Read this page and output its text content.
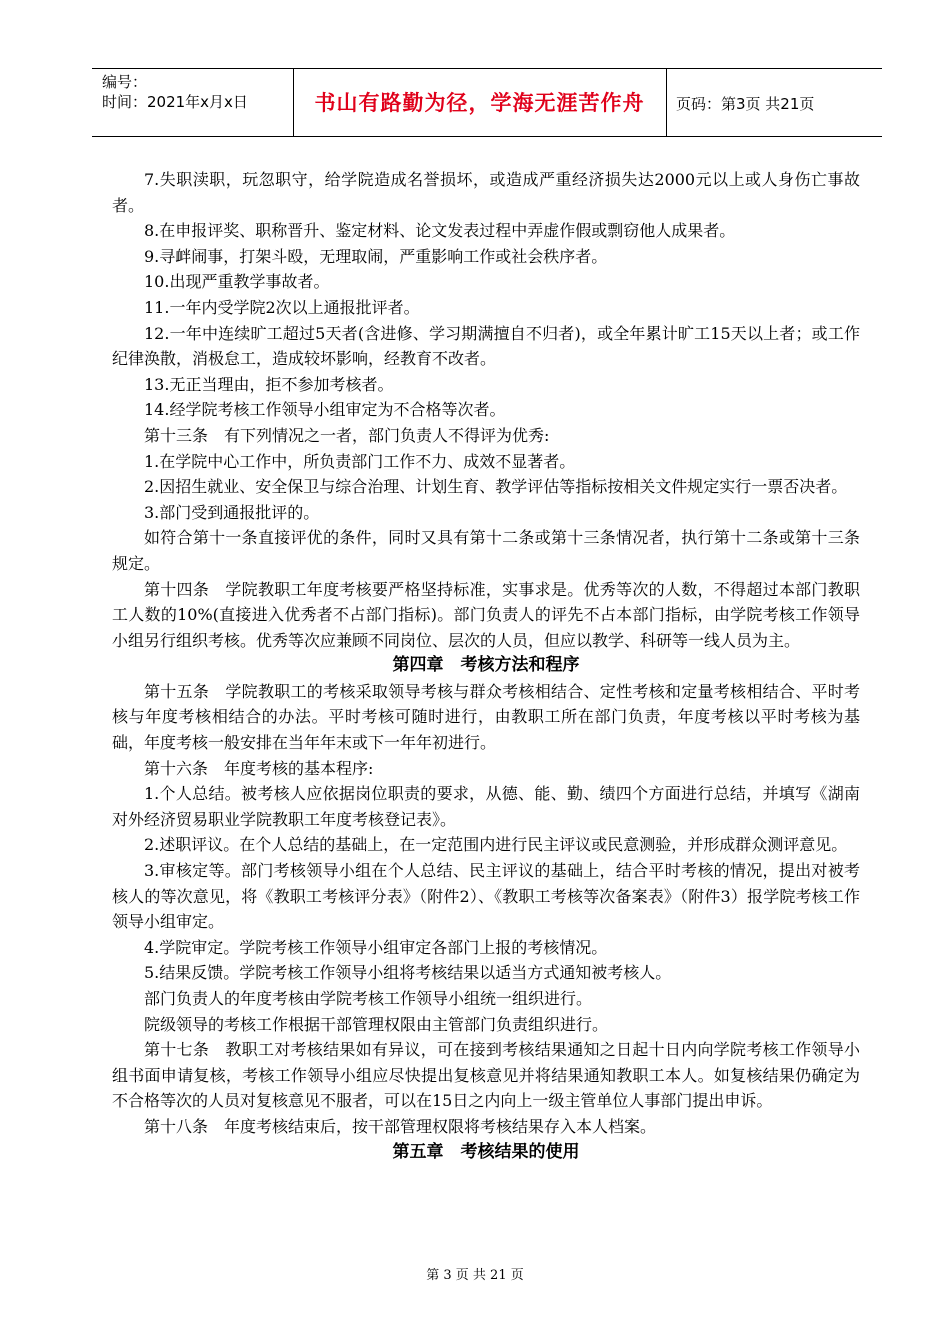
编号：
时间：2021年x月x日	书山有路勤为径，学海无涯苦作舟	页码：第3页 共21页

7.失职渎职，玩忽职守，给学院造成名誉损坏，或造成严重经济损失达2000元以上或人身伤亡事故者。

8.在申报评奖、职称晋升、鉴定材料、论文发表过程中弄虚作假或剽窃他人成果者。

9.寻衅闹事，打架斗殴，无理取闹，严重影响工作或社会秩序者。

10.出现严重教学事故者。

11.一年内受学院2次以上通报批评者。

12.一年中连续旷工超过5天者(含进修、学习期满擅自不归者)，或全年累计旷工15天以上者；或工作纪律涣散，消极怠工，造成较坏影响，经教育不改者。

13.无正当理由，拒不参加考核者。

14.经学院考核工作领导小组审定为不合格等次者。

第十三条　有下列情况之一者，部门负责人不得评为优秀:

1.在学院中心工作中，所负责部门工作不力、成效不显著者。

2.因招生就业、安全保卫与综合治理、计划生育、教学评估等指标按相关文件规定实行一票否决者。

3.部门受到通报批评的。

如符合第十一条直接评优的条件，同时又具有第十二条或第十三条情况者，执行第十二条或第十三条规定。

第十四条　学院教职工年度考核要严格坚持标准，实事求是。优秀等次的人数，不得超过本部门教职工人数的10%(直接进入优秀者不占部门指标)。部门负责人的评先不占本部门指标，由学院考核工作领导小组另行组织考核。优秀等次应兼顾不同岗位、层次的人员，但应以教学、科研等一线人员为主。

第四章　考核方法和程序

第十五条　学院教职工的考核采取领导考核与群众考核相结合、定性考核和定量考核相结合、平时考核与年度考核相结合的办法。平时考核可随时进行，由教职工所在部门负责，年度考核以平时考核为基础，年度考核一般安排在当年年末或下一年年初进行。

第十六条　年度考核的基本程序:

1.个人总结。被考核人应依据岗位职责的要求，从德、能、勤、绩四个方面进行总结，并填写《湖南对外经济贸易职业学院教职工年度考核登记表》。

2.述职评议。在个人总结的基础上，在一定范围内进行民主评议或民意测验，并形成群众测评意见。

3.审核定等。部门考核领导小组在个人总结、民主评议的基础上，结合平时考核的情况，提出对被考核人的等次意见，将《教职工考核评分表》（附件2）、《教职工考核等次备案表》（附件3）报学院考核工作领导小组审定。

4.学院审定。学院考核工作领导小组审定各部门上报的考核情况。

5.结果反馈。学院考核工作领导小组将考核结果以适当方式通知被考核人。

部门负责人的年度考核由学院考核工作领导小组统一组织进行。

院级领导的考核工作根据干部管理权限由主管部门负责组织进行。

第十七条　教职工对考核结果如有异议，可在接到考核结果通知之日起十日内向学院考核工作领导小组书面申请复核，考核工作领导小组应尽快提出复核意见并将结果通知教职工本人。如复核结果仍确定为不合格等次的人员对复核意见不服者，可以在15日之内向上一级主管单位人事部门提出申诉。

第十八条　年度考核结束后，按干部管理权限将考核结果存入本人档案。

第五章　考核结果的使用
第 3 页 共 21 页
